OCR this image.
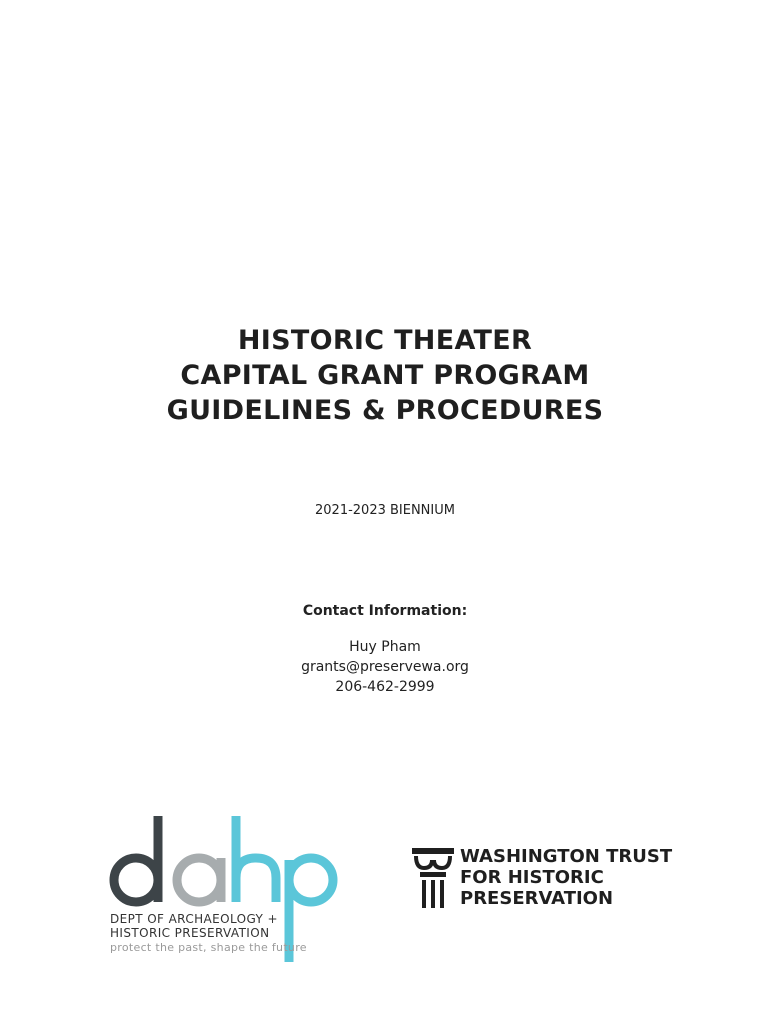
HISTORIC THEATER
CAPITAL GRANT PROGRAM
GUIDELINES & PROCEDURES
2021-2023 BIENNIUM
Contact Information:
Huy Pham
grants@preservewa.org
206-462-2999
DEPT OF ARCHAEOLOGY +
HISTORIC PRESERVATION
protect the past, shape the future
WASHINGTON TRUST
FOR HISTORIC
PRESERVATION
